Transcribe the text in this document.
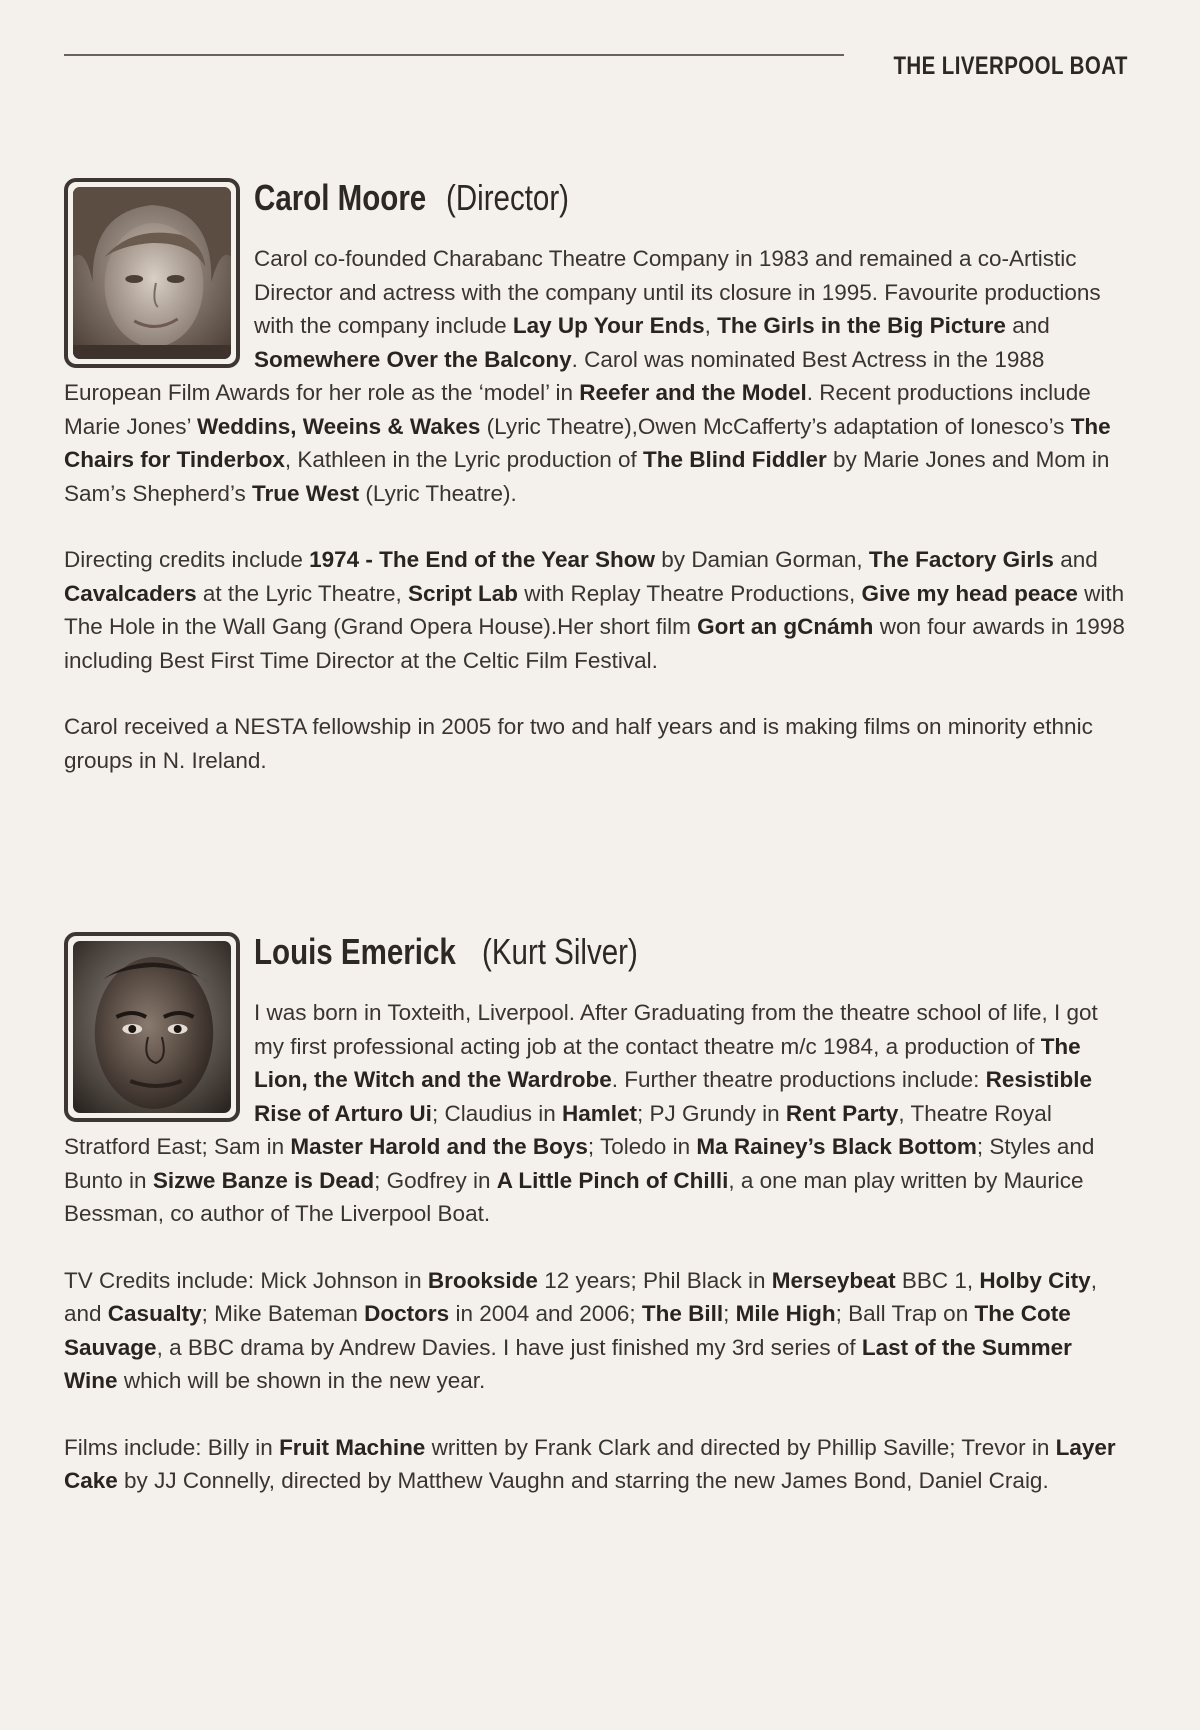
THE LIVERPOOL BOAT
Carol Moore (Director)

Carol co-founded Charabanc Theatre Company in 1983 and remained a co-Artistic Director and actress with the company until its closure in 1995. Favourite productions with the company include Lay Up Your Ends, The Girls in the Big Picture and Somewhere Over the Balcony. Carol was nominated Best Actress in the 1988 European Film Awards for her role as the ‘model’ in Reefer and the Model. Recent productions include Marie Jones’ Weddins, Weeins & Wakes (Lyric Theatre),Owen McCafferty’s adaptation of Ionesco’s The Chairs for Tinderbox, Kathleen in the Lyric production of The Blind Fiddler by Marie Jones and Mom in Sam’s Shepherd’s True West (Lyric Theatre).

Directing credits include 1974 - The End of the Year Show by Damian Gorman, The Factory Girls and Cavalcaders at the Lyric Theatre, Script Lab with Replay Theatre Productions, Give my head peace with The Hole in the Wall Gang (Grand Opera House).Her short film Gort an gCnámh won four awards in 1998 including Best First Time Director at the Celtic Film Festival.

Carol received a NESTA fellowship in 2005 for two and half years and is making films on minority ethnic groups in N. Ireland.

Louis Emerick (Kurt Silver)

I was born in Toxteith, Liverpool. After Graduating from the theatre school of life, I got my first professional acting job at the contact theatre m/c 1984, a production of The Lion, the Witch and the Wardrobe. Further theatre productions include: Resistible Rise of Arturo Ui; Claudius in Hamlet; PJ Grundy in Rent Party, Theatre Royal Stratford East; Sam in Master Harold and the Boys; Toledo in Ma Rainey’s Black Bottom; Styles and Bunto in Sizwe Banze is Dead; Godfrey in A Little Pinch of Chilli, a one man play written by Maurice Bessman, co author of The Liverpool Boat.

TV Credits include: Mick Johnson in Brookside 12 years; Phil Black in Merseybeat BBC 1, Holby City, and Casualty; Mike Bateman Doctors in 2004 and 2006; The Bill; Mile High; Ball Trap on The Cote Sauvage, a BBC drama by Andrew Davies. I have just finished my 3rd series of Last of the Summer Wine which will be shown in the new year.

Films include: Billy in Fruit Machine written by Frank Clark and directed by Phillip Saville; Trevor in Layer Cake by JJ Connelly, directed by Matthew Vaughn and starring the new James Bond, Daniel Craig.
